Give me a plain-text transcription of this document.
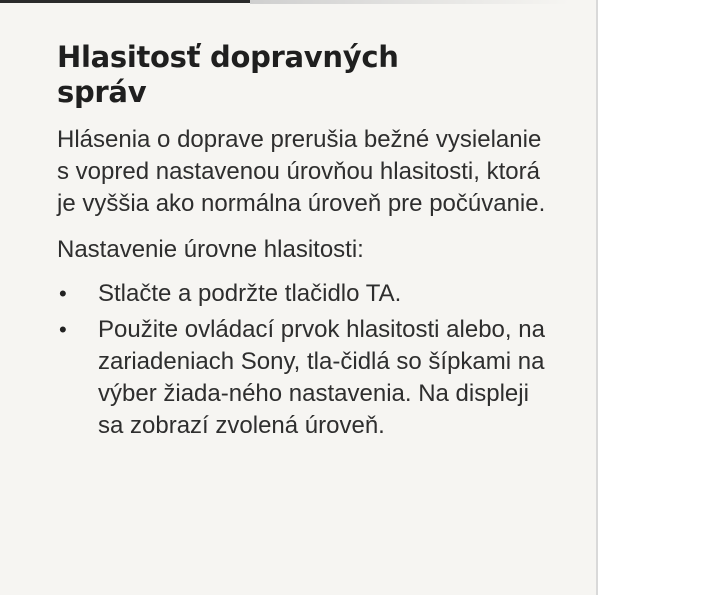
Hlasitosť dopravných správ

Hlásenia o doprave prerušia bežné vysielanie s vopred nastavenou úrovňou hlasitosti, ktorá je vyššia ako normálna úroveň pre počúvanie.

Nastavenie úrovne hlasitosti:

•	Stlačte a podržte tlačidlo TA.
•	Použite ovládací prvok hlasitosti alebo, na zariadeniach Sony, tla-čidlá so šípkami na výber žiada-ného nastavenia. Na displeji sa zobrazí zvolená úroveň.
